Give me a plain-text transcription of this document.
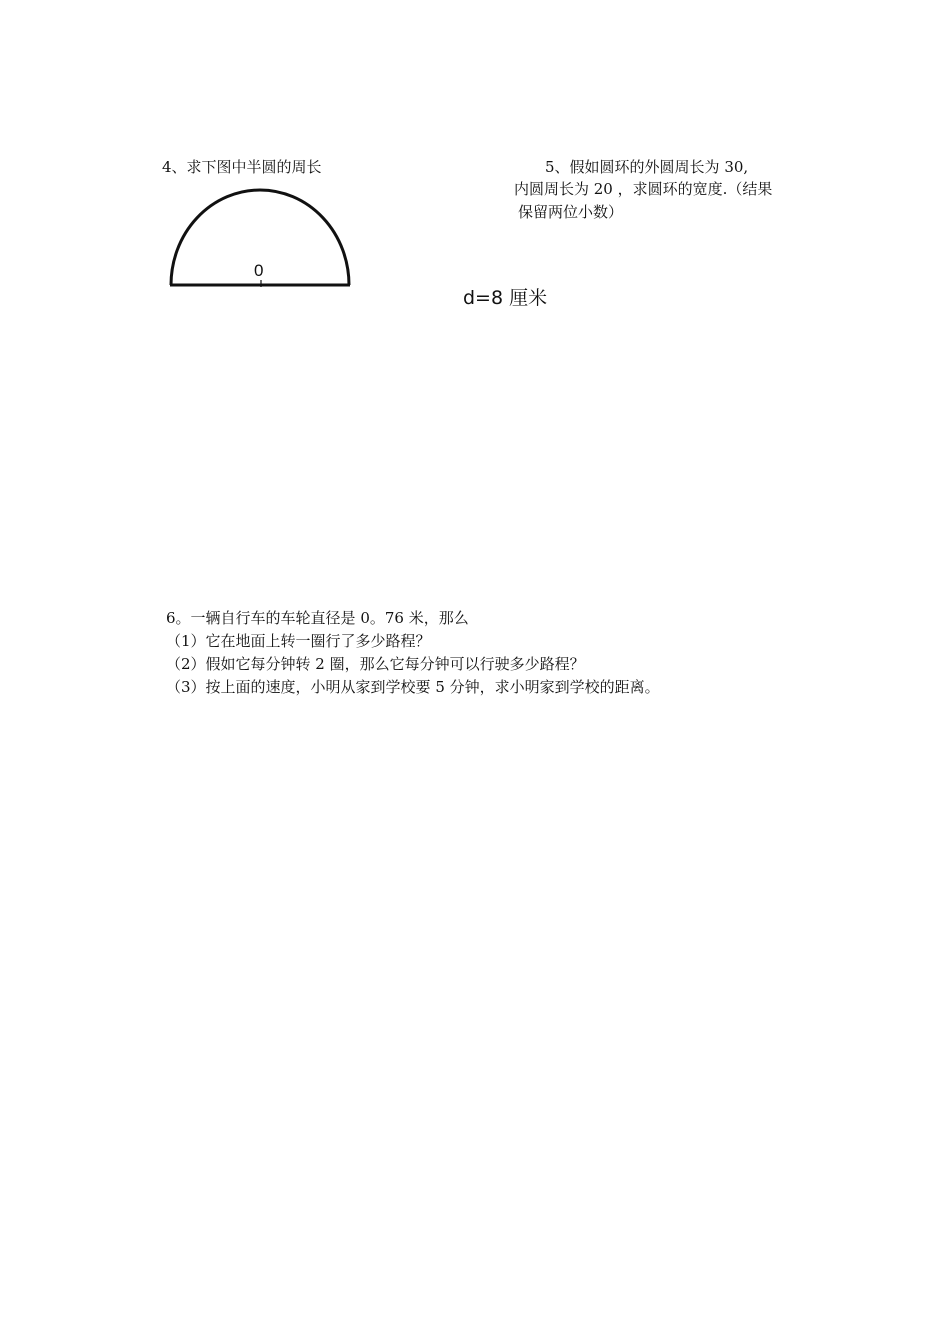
4、求下图中半圆的周长
0
d=8 厘米
5、假如圆环的外圆周长为 30,
内圆周长为 20 ，求圆环的宽度.（结果
保留两位小数）
6。一辆自行车的车轮直径是 0。76 米，那么
（1）它在地面上转一圈行了多少路程？
（2）假如它每分钟转 2 圈，那么它每分钟可以行驶多少路程？
（3）按上面的速度，小明从家到学校要 5 分钟，求小明家到学校的距离。
